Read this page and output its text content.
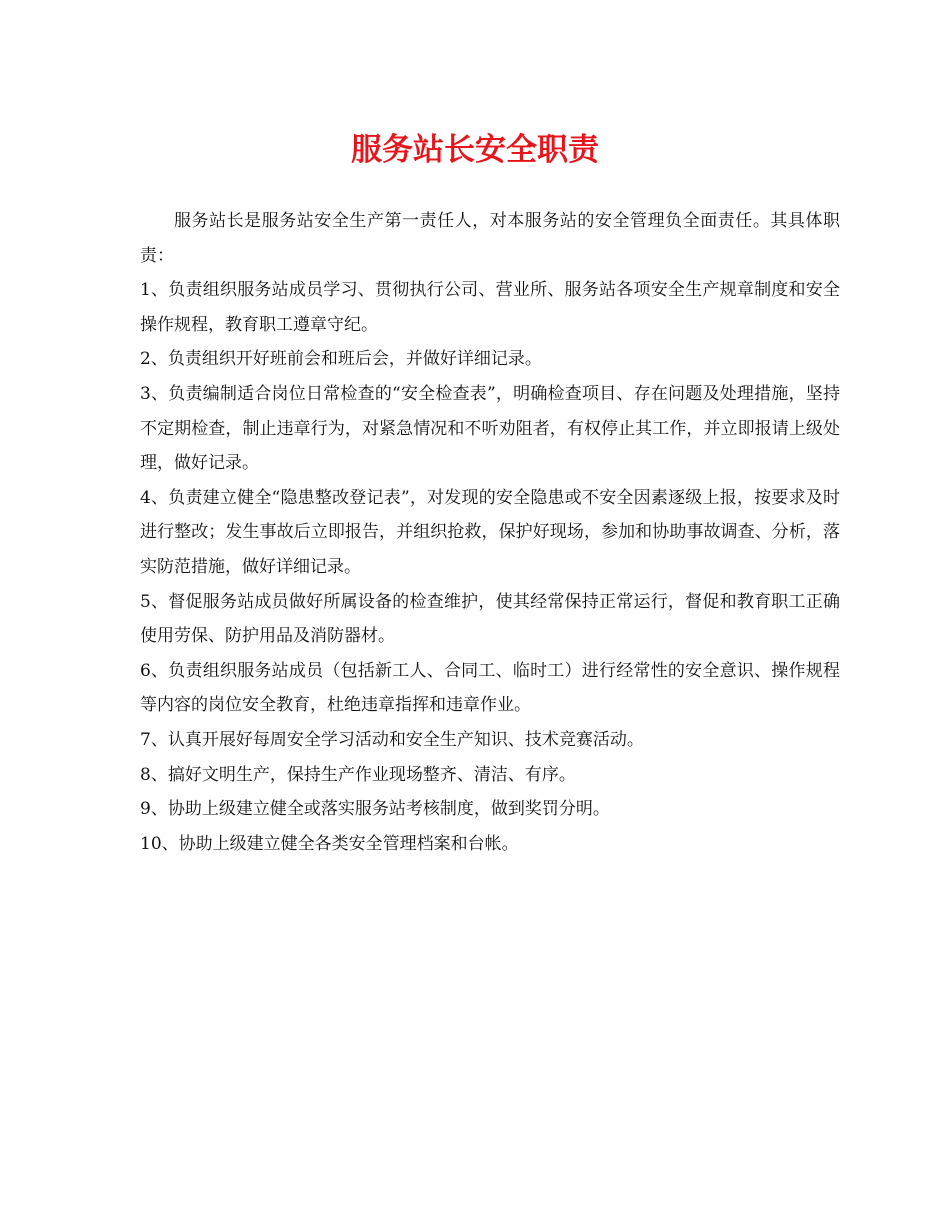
服务站长安全职责

服务站长是服务站安全生产第一责任人，对本服务站的安全管理负全面责任。其具体职责：

1、负责组织服务站成员学习、贯彻执行公司、营业所、服务站各项安全生产规章制度和安全操作规程，教育职工遵章守纪。

2、负责组织开好班前会和班后会，并做好详细记录。

3、负责编制适合岗位日常检查的“安全检查表”，明确检查项目、存在问题及处理措施，坚持不定期检查，制止违章行为，对紧急情况和不听劝阻者，有权停止其工作，并立即报请上级处理，做好记录。

4、负责建立健全“隐患整改登记表”，对发现的安全隐患或不安全因素逐级上报，按要求及时进行整改；发生事故后立即报告，并组织抢救，保护好现场，参加和协助事故调查、分析，落实防范措施，做好详细记录。

5、督促服务站成员做好所属设备的检查维护，使其经常保持正常运行，督促和教育职工正确使用劳保、防护用品及消防器材。

6、负责组织服务站成员（包括新工人、合同工、临时工）进行经常性的安全意识、操作规程等内容的岗位安全教育，杜绝违章指挥和违章作业。

7、认真开展好每周安全学习活动和安全生产知识、技术竞赛活动。

8、搞好文明生产，保持生产作业现场整齐、清洁、有序。

9、协助上级建立健全或落实服务站考核制度，做到奖罚分明。

10、协助上级建立健全各类安全管理档案和台帐。
